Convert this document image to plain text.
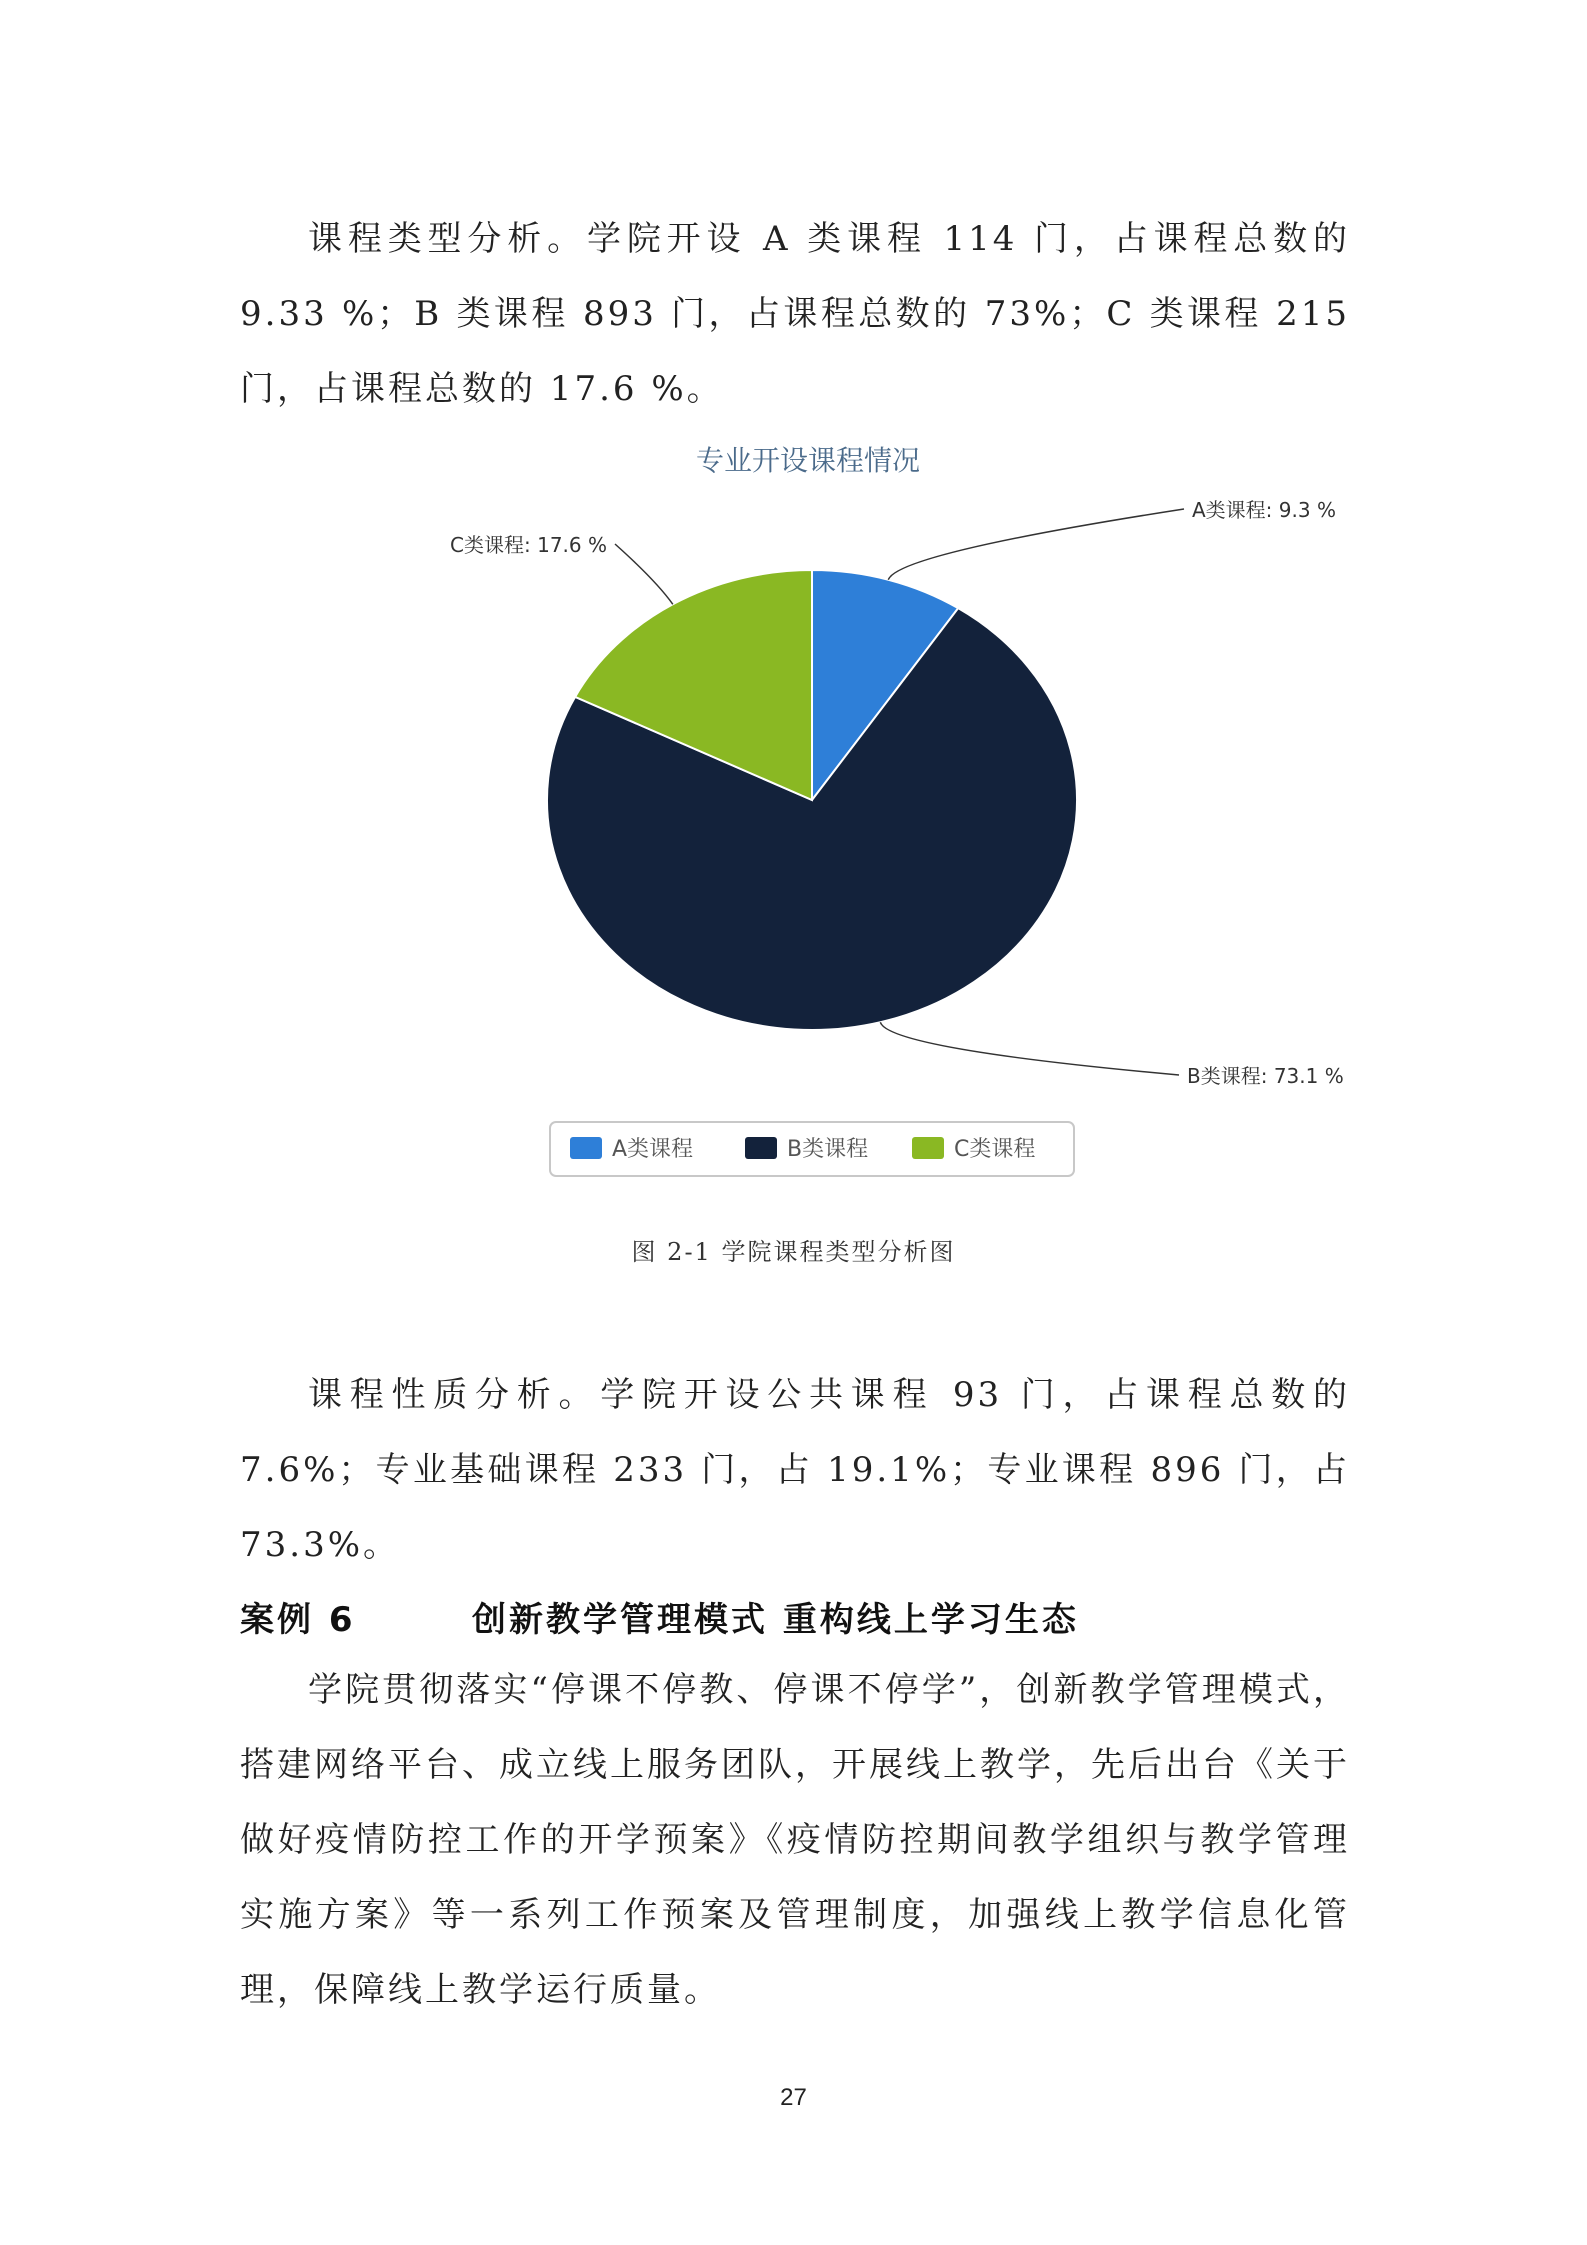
课程类型分析。学院开设 A 类课程 114 门，占课程总数的 9.33 %；B 类课程 893 门，占课程总数的 73%；C 类课程 215 门，占课程总数的 17.6 %。

专业开设课程情况
A类课程: 9.3 %
B类课程: 73.1 %
C类课程: 17.6 %
A类课程	B类课程	C类课程
图 2-1 学院课程类型分析图

课程性质分析。学院开设公共课程 93 门，占课程总数的 7.6%；专业基础课程 233 门，占 19.1%；专业课程 896 门，占 73.3%。

案例 6	创新教学管理模式 重构线上学习生态

学院贯彻落实“停课不停教、停课不停学”，创新教学管理模式，搭建网络平台、成立线上服务团队，开展线上教学，先后出台《关于做好疫情防控工作的开学预案》《疫情防控期间教学组织与教学管理实施方案》等一系列工作预案及管理制度，加强线上教学信息化管理，保障线上教学运行质量。

27
